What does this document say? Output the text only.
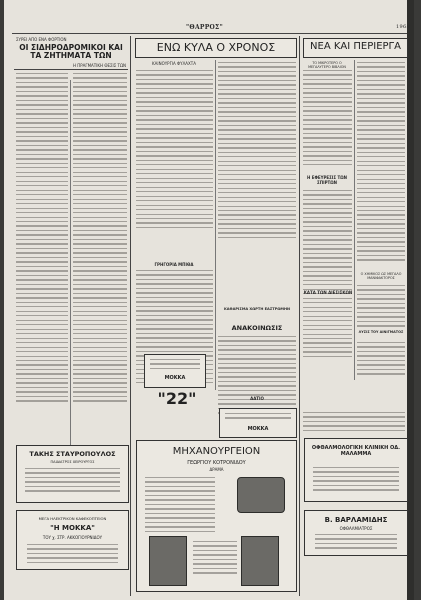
"ΘΑΡΡΟΣ"	1968
ΣΥΡΕΙ ΑΠΟ ΕΝΑ ΦΟΡΤΙΟΝ
ΟΙ ΣΙΔΗΡΟΔΡΟΜΙΚΟΙ ΚΑΙ ΤΑ ΖΗΤΗΜΑΤΑ ΤΩΝ
Η ΠΡΑΓΜΑΤΙΚΗ ΘΕΣΙΣ ΤΩΝ
ΤΑΚΗΣ ΣΤΑΥΡΟΠΟΥΛΟΣ
ΠΑΙΔΙΑΤΡΟΣ ΧΕΙΡΟΥΡΓΟΣ
ΜΕΓΑ ΗΛΕΚΤΡΙΚΟΝ ΚΑΦΕΚΟΠΤΕΙΟΝ
"Η ΜΟΚΚΑ"
ΤΟΥ χ. ΣΤΡ. ΑΚΚΟΓΙΟΥΡΝΙΔΟΥ
ΕΝΩ ΚΥΛΑ Ο ΧΡΟΝΟΣ
ΚΑΙΝΟΥΡΓΙΑ ΦΥΛΑΧΤΑ
ΓΡΗΓΟΡΙΑ ΜΠΙΘΑ
ΚΑΘΑΡΙΣΜΑ ΧΩΡΤΗ ΕΑΣΤΡΩΜΗΝ
ΑΝΑΚΟΙΝΩΣΙΣ
ΑΑΤΙΟ
ΜΟΚΚΑ
"22"
ΜΟΚΚΑ
ΜΗΧΑΝΟΥΡΓΕΙΟΝ
ΓΕΩΡΓΙΟΥ ΚΟΤΡΟΝΙΔΟΥ
ΔΡΑΜΑ
ΝΕΑ ΚΑΙ ΠΕΡΙΕΡΓΑ
ΤΟ ΜΙΚΡΟΤΕΡΟ Ο ΜΕΓΑΛΥΤΕΡΟ ΒΙΒΛΙΟΝ
Η ΕΦΕΥΡΕΣΙΣ ΤΩΝ ΣΠΙΡΤΩΝ
ΚΑΤΑ ΤΩΝ ΔΙΕΣΙΣΚΩΝ
Ο ΧΗΜΙΚΟΣ ΩΣ ΜΕΓΑΛΟ ΜΑΝΙΦΑΚΤΟΡΟΣ
ΛΥΣΙΣ ΤΟΥ ΑΙΝΙΓΜΑΤΟΣ
ΟΦΘΑΛΜΟΛΟΓΙΚΗ ΚΛΙΝΙΚΗ ΟΔ. ΜΑΛΑΜΜΑ
Β. ΒΑΡΛΑΜΙΔΗΣ
ΟΦΘΑΛΜΙΑΤΡΟΣ
